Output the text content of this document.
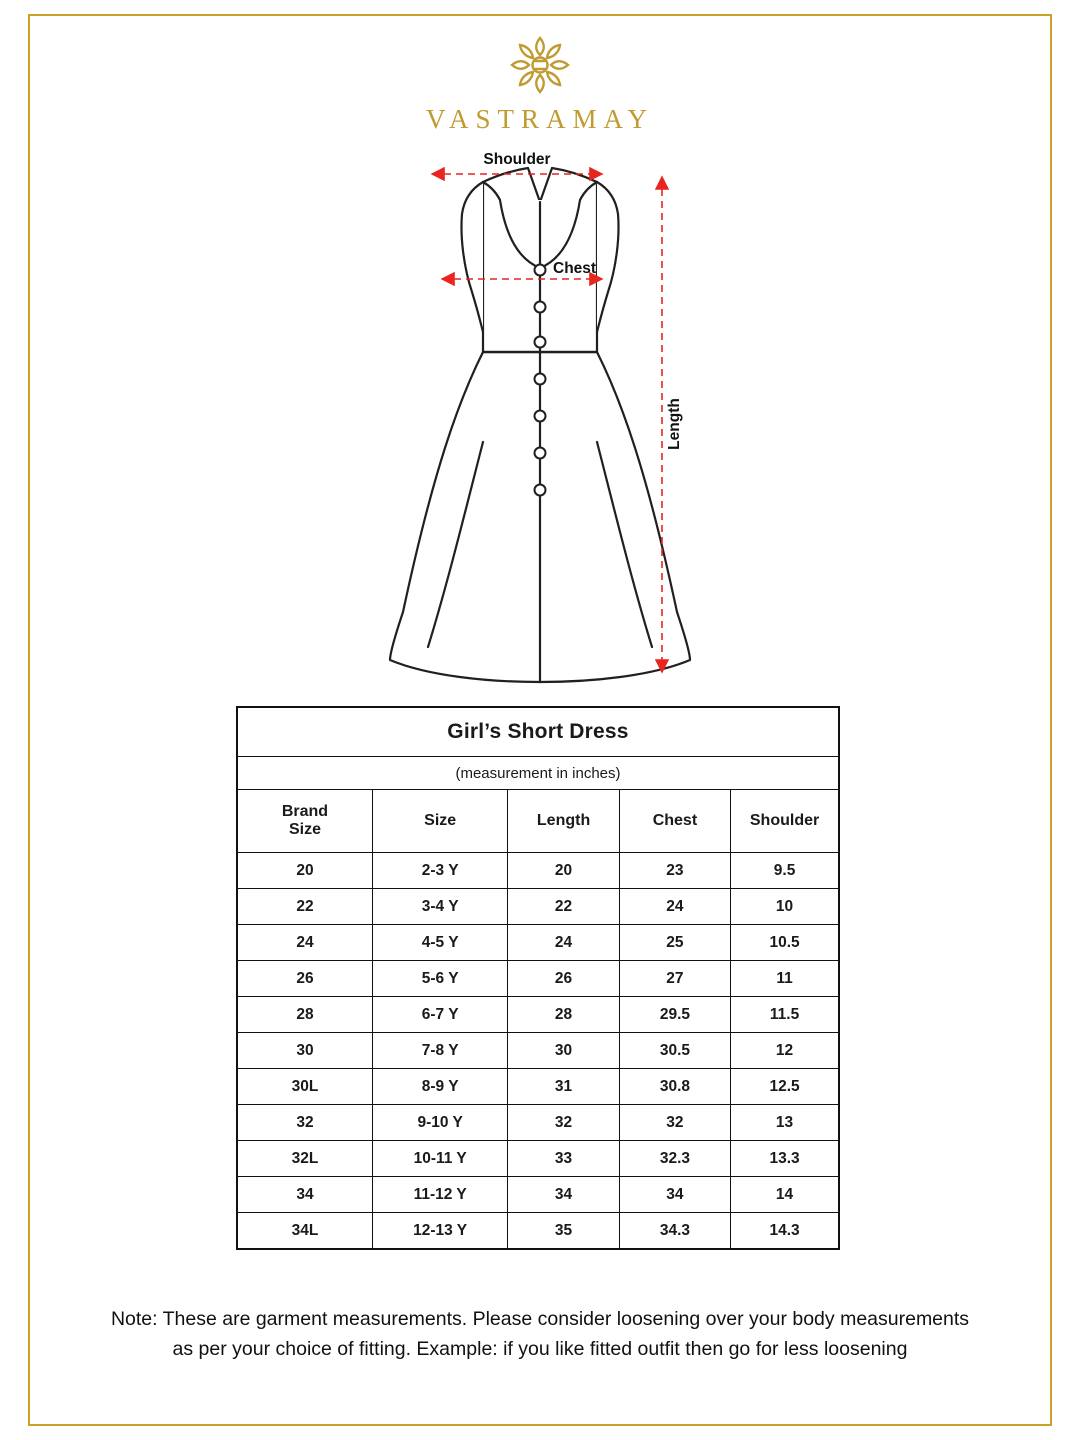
VASTRAMAY
Shoulder
Chest
Length
Girl’s Short Dress				
(measurement in inches)				

Brand
Size	Size	Length	Chest	Shoulder
20	2-3 Y	20	23	9.5
22	3-4 Y	22	24	10
24	4-5 Y	24	25	10.5
26	5-6 Y	26	27	11
28	6-7 Y	28	29.5	11.5
30	7-8 Y	30	30.5	12
30L	8-9 Y	31	30.8	12.5
32	9-10 Y	32	32	13
32L	10-11 Y	33	32.3	13.3
34	11-12 Y	34	34	14
34L	12-13 Y	35	34.3	14.3
Note: These are garment measurements. Please consider loosening over your body measurements
as per your choice of fitting. Example: if you like fitted outfit then go for less loosening
